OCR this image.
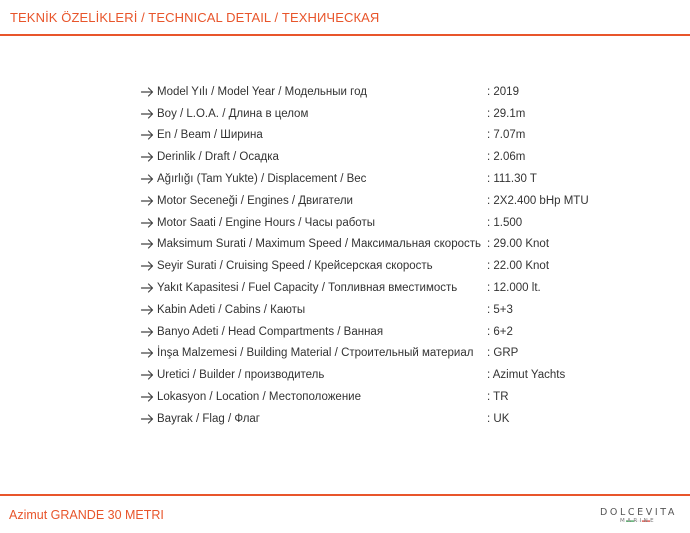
TEKNİK ÖZELİKLERİ / TECHNICAL DETAIL / ТЕХНИЧЕСКАЯ
Model Yılı / Model Year / Модельныи год	: 2019
Boy / L.O.A. / Длина в целом	: 29.1m
En / Beam / Ширина	: 7.07m
Derinlik / Draft / Осадка	: 2.06m
Ağırlığı (Tam Yukte) / Displacement / Вес	: 111.30 T
Motor Seceneği / Engines / Двигатели	: 2X2.400 bHp MTU
Motor Saati / Engine Hours / Часы работы	: 1.500
Maksimum Surati / Maximum Speed / Максимальная скорость : 29.00 Knot
Seyir Surati / Cruising Speed / Крейсерская скорость	: 22.00 Knot
Yakıt Kapasitesi / Fuel Capacity / Топливная вместимость	: 12.000 lt.
Kabin Adeti / Cabins / Каюты	: 5+3
Banyo Adeti / Head Compartments / Ванная	: 6+2
İnşa Malzemesi / Building Material / Строительный материал	: GRP
Uretici / Builder / производитель	: Azimut Yachts
Lokasyon / Location / Местоположение	: TR
Bayrak / Flag / Флаг	: UK
Azimut GRANDE 30 METRI	DOLCEVITA
MARINE
